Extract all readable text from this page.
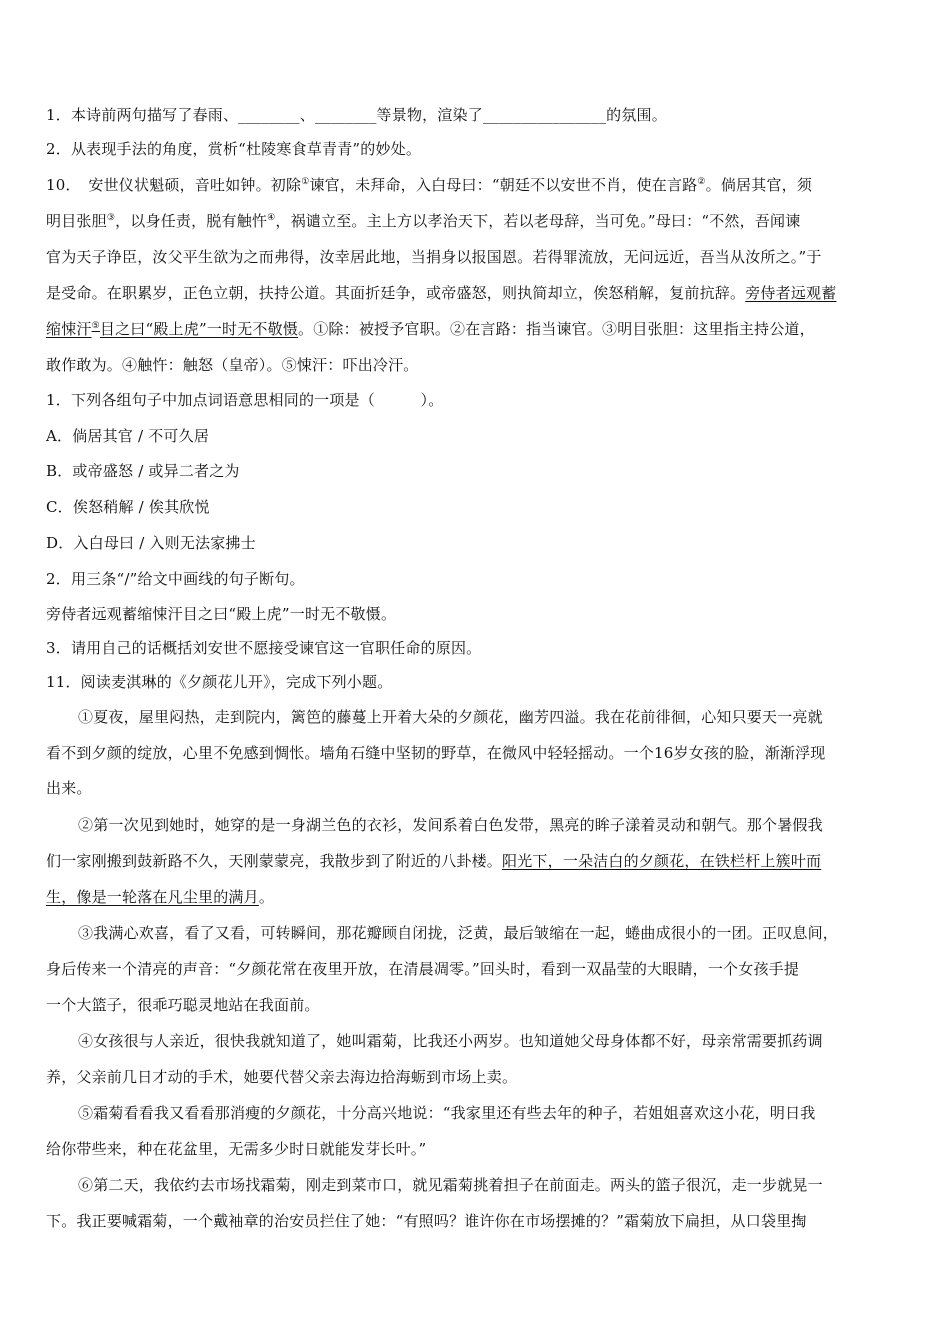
1．本诗前两句描写了春雨、________、________等景物，渲染了________________的氛围。
2．从表现手法的角度，赏析“杜陵寒食草青青”的妙处。
10．　安世仪状魁硕，音吐如钟。初除①谏官，未拜命，入白母曰：“朝廷不以安世不肖，使在言路②。倘居其官，须
明目张胆③，以身任责，脱有触忤④，祸谴立至。主上方以孝治天下，若以老母辞，当可免。”母曰：“不然，吾闻谏
官为天子诤臣，汝父平生欲为之而弗得，汝幸居此地，当捐身以报国恩。若得罪流放，无问远近，吾当从汝所之。”于
是受命。在职累岁，正色立朝，扶持公道。其面折廷争，或帝盛怒，则执简却立，俟怒稍解，复前抗辞。旁侍者远观蓄
缩悚汗⑤目之曰“殿上虎”一时无不敬慑。①除：被授予官职。②在言路：指当谏官。③明目张胆：这里指主持公道，
敢作敢为。④触忤：触怒（皇帝）。⑤悚汗：吓出冷汗。
1．下列各组句子中加点词语意思相同的一项是（　　　）。
A．倘居其官 / 不可久居
B．或帝盛怒 / 或异二者之为
C．俟怒稍解 / 俟其欣悦
D．入白母曰 / 入则无法家拂士
2．用三条“/”给文中画线的句子断句。
旁侍者远观蓄缩悚汗目之曰“殿上虎”一时无不敬慑。
3．请用自己的话概括刘安世不愿接受谏官这一官职任命的原因。
11．阅读麦淇琳的《夕颜花儿开》，完成下列小题。
①夏夜，屋里闷热，走到院内，篱笆的藤蔓上开着大朵的夕颜花，幽芳四溢。我在花前徘徊，心知只要天一亮就
看不到夕颜的绽放，心里不免感到惆怅。墙角石缝中坚韧的野草，在微风中轻轻摇动。一个16岁女孩的脸，渐渐浮现
出来。
②第一次见到她时，她穿的是一身湖兰色的衣衫，发间系着白色发带，黑亮的眸子漾着灵动和朝气。那个暑假我
们一家刚搬到鼓新路不久，天刚蒙蒙亮，我散步到了附近的八卦楼。阳光下，一朵洁白的夕颜花，在铁栏杆上簇叶而
生，像是一轮落在凡尘里的满月。
③我满心欢喜，看了又看，可转瞬间，那花瓣顾自闭拢，泛黄，最后皱缩在一起，蜷曲成很小的一团。正叹息间，
身后传来一个清亮的声音：“夕颜花常在夜里开放，在清晨凋零。”回头时，看到一双晶莹的大眼睛，一个女孩手提
一个大篮子，很乖巧聪灵地站在我面前。
④女孩很与人亲近，很快我就知道了，她叫霜菊，比我还小两岁。也知道她父母身体都不好，母亲常需要抓药调
养，父亲前几日才动的手术，她要代替父亲去海边拾海蛎到市场上卖。
⑤霜菊看看我又看看那消瘦的夕颜花，十分高兴地说：“我家里还有些去年的种子，若姐姐喜欢这小花，明日我
给你带些来，种在花盆里，无需多少时日就能发芽长叶。”
⑥第二天，我依约去市场找霜菊，刚走到菜市口，就见霜菊挑着担子在前面走。两头的篮子很沉，走一步就晃一
下。我正要喊霜菊，一个戴袖章的治安员拦住了她：“有照吗？谁许你在市场摆摊的？”霜菊放下扁担，从口袋里掏
